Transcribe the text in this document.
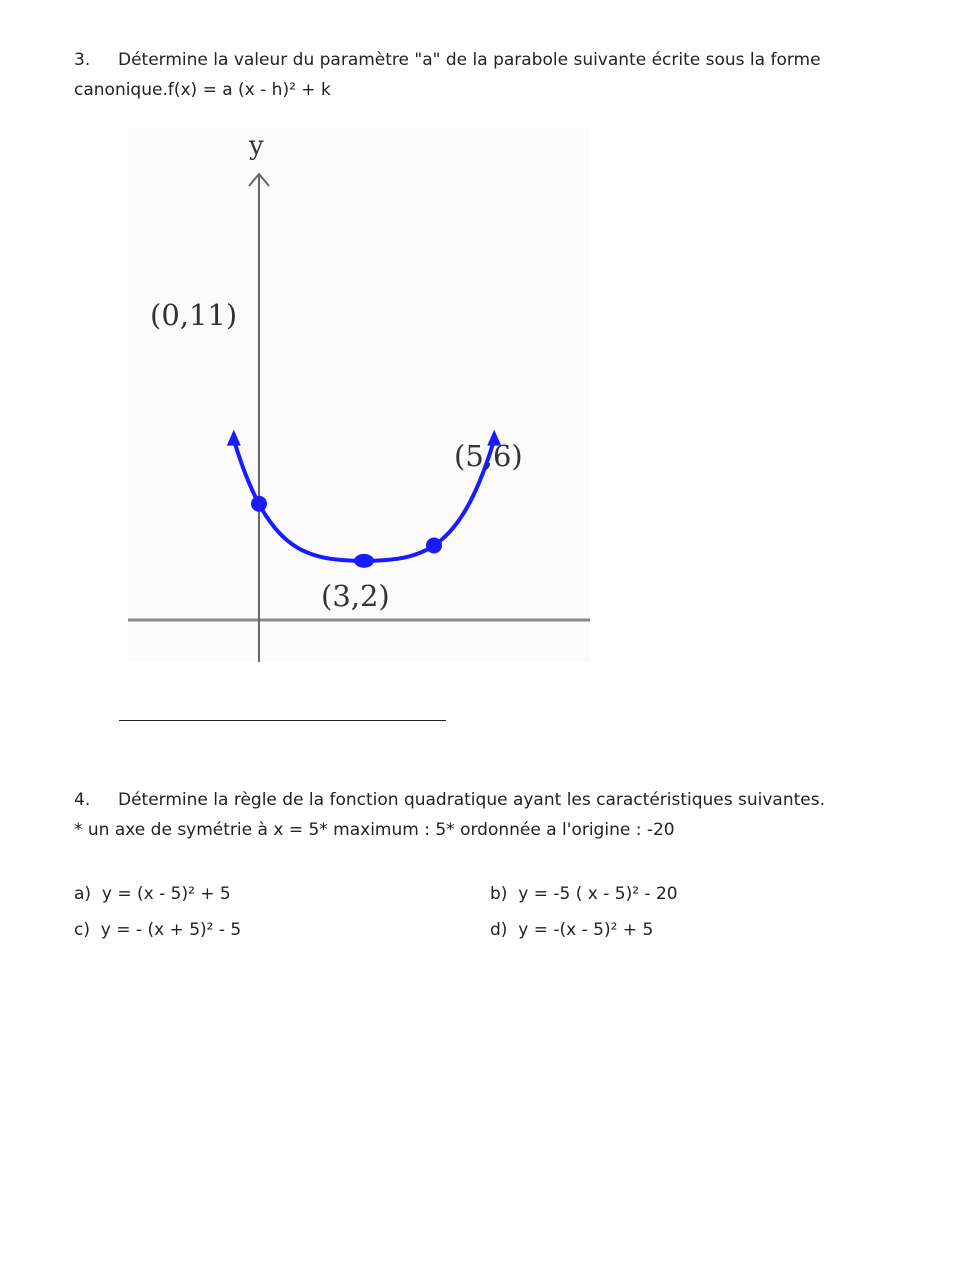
3. Détermine la valeur du paramètre "a" de la parabole suivante écrite sous la forme
canonique.f(x) = a (x - h)² + k
y
(0,11)
(5,6)
(3,2)
4. Détermine la règle de la fonction quadratique ayant les caractéristiques suivantes.
* un axe de symétrie à x = 5* maximum : 5* ordonnée a l'origine : -20
a) y = (x - 5)² + 5	b) y = -5 ( x - 5)² - 20
c) y = - (x + 5)² - 5	d) y = -(x - 5)² + 5
